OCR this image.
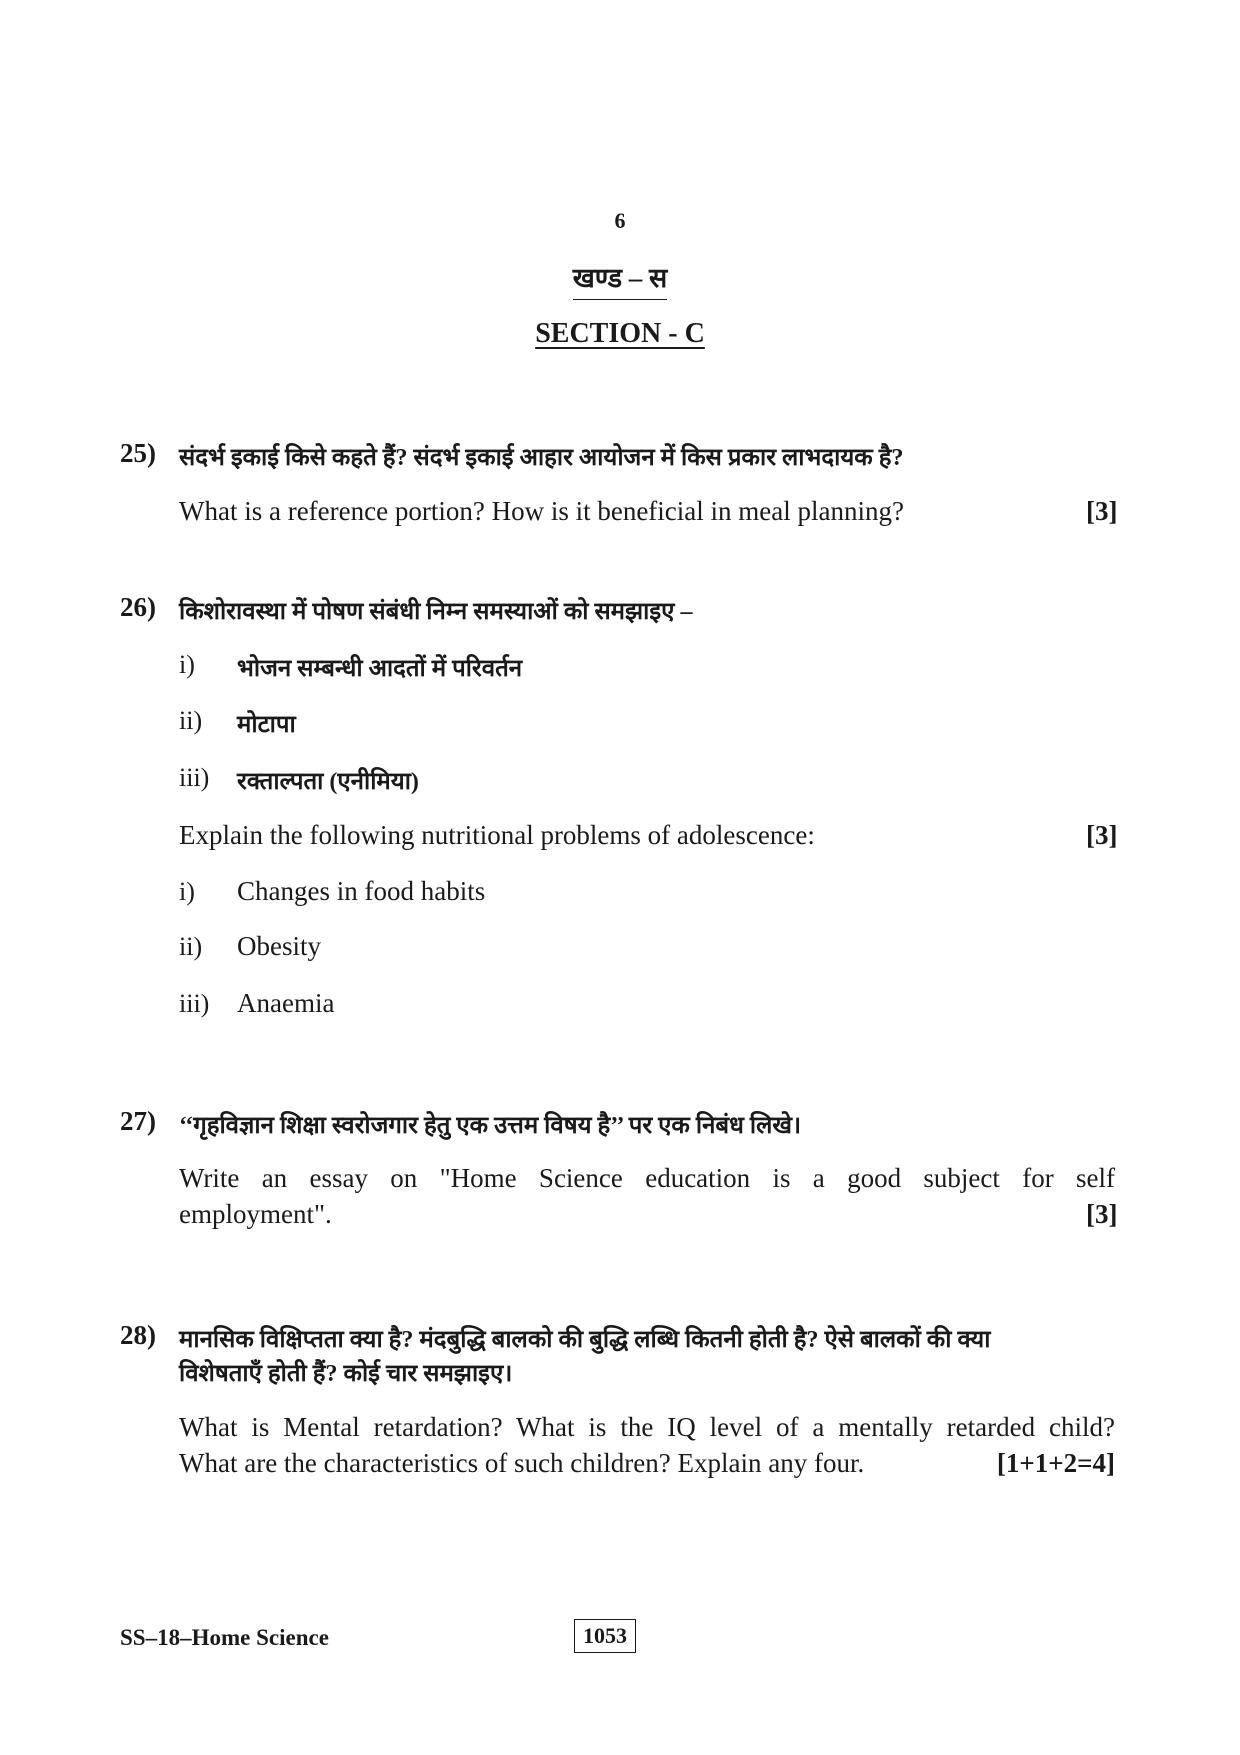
6
खण्ड – स
SECTION - C
25) संदर्भ इकाई किसे कहते हैं? संदर्भ इकाई आहार आयोजन में किस प्रकार लाभदायक है?
What is a reference portion? How is it beneficial in meal planning?	[3]
26) किशोरावस्था में पोषण संबंधी निम्न समस्याओं को समझाइए –
i) भोजन सम्बन्धी आदतों में परिवर्तन
ii) मोटापा
iii) रक्ताल्पता (एनीमिया)
Explain the following nutritional problems of adolescence:	[3]
i) Changes in food habits
ii) Obesity
iii) Anaemia
27) ‘‘गृहविज्ञान शिक्षा स्वरोजगार हेतु एक उत्तम विषय है’’ पर एक निबंध लिखे।
Write an essay on "Home Science education is a good subject for self
employment".	[3]
28) मानसिक विक्षिप्तता क्या है? मंदबुद्धि बालको की बुद्धि लब्धि कितनी होती है? ऐसे बालकों की क्या
विशेषताएँ होती हैं? कोई चार समझाइए।
What is Mental retardation? What is the IQ level of a mentally retarded child?
What are the characteristics of such children? Explain any four.	[1+1+2=4]
SS–18–Home Science	1053
